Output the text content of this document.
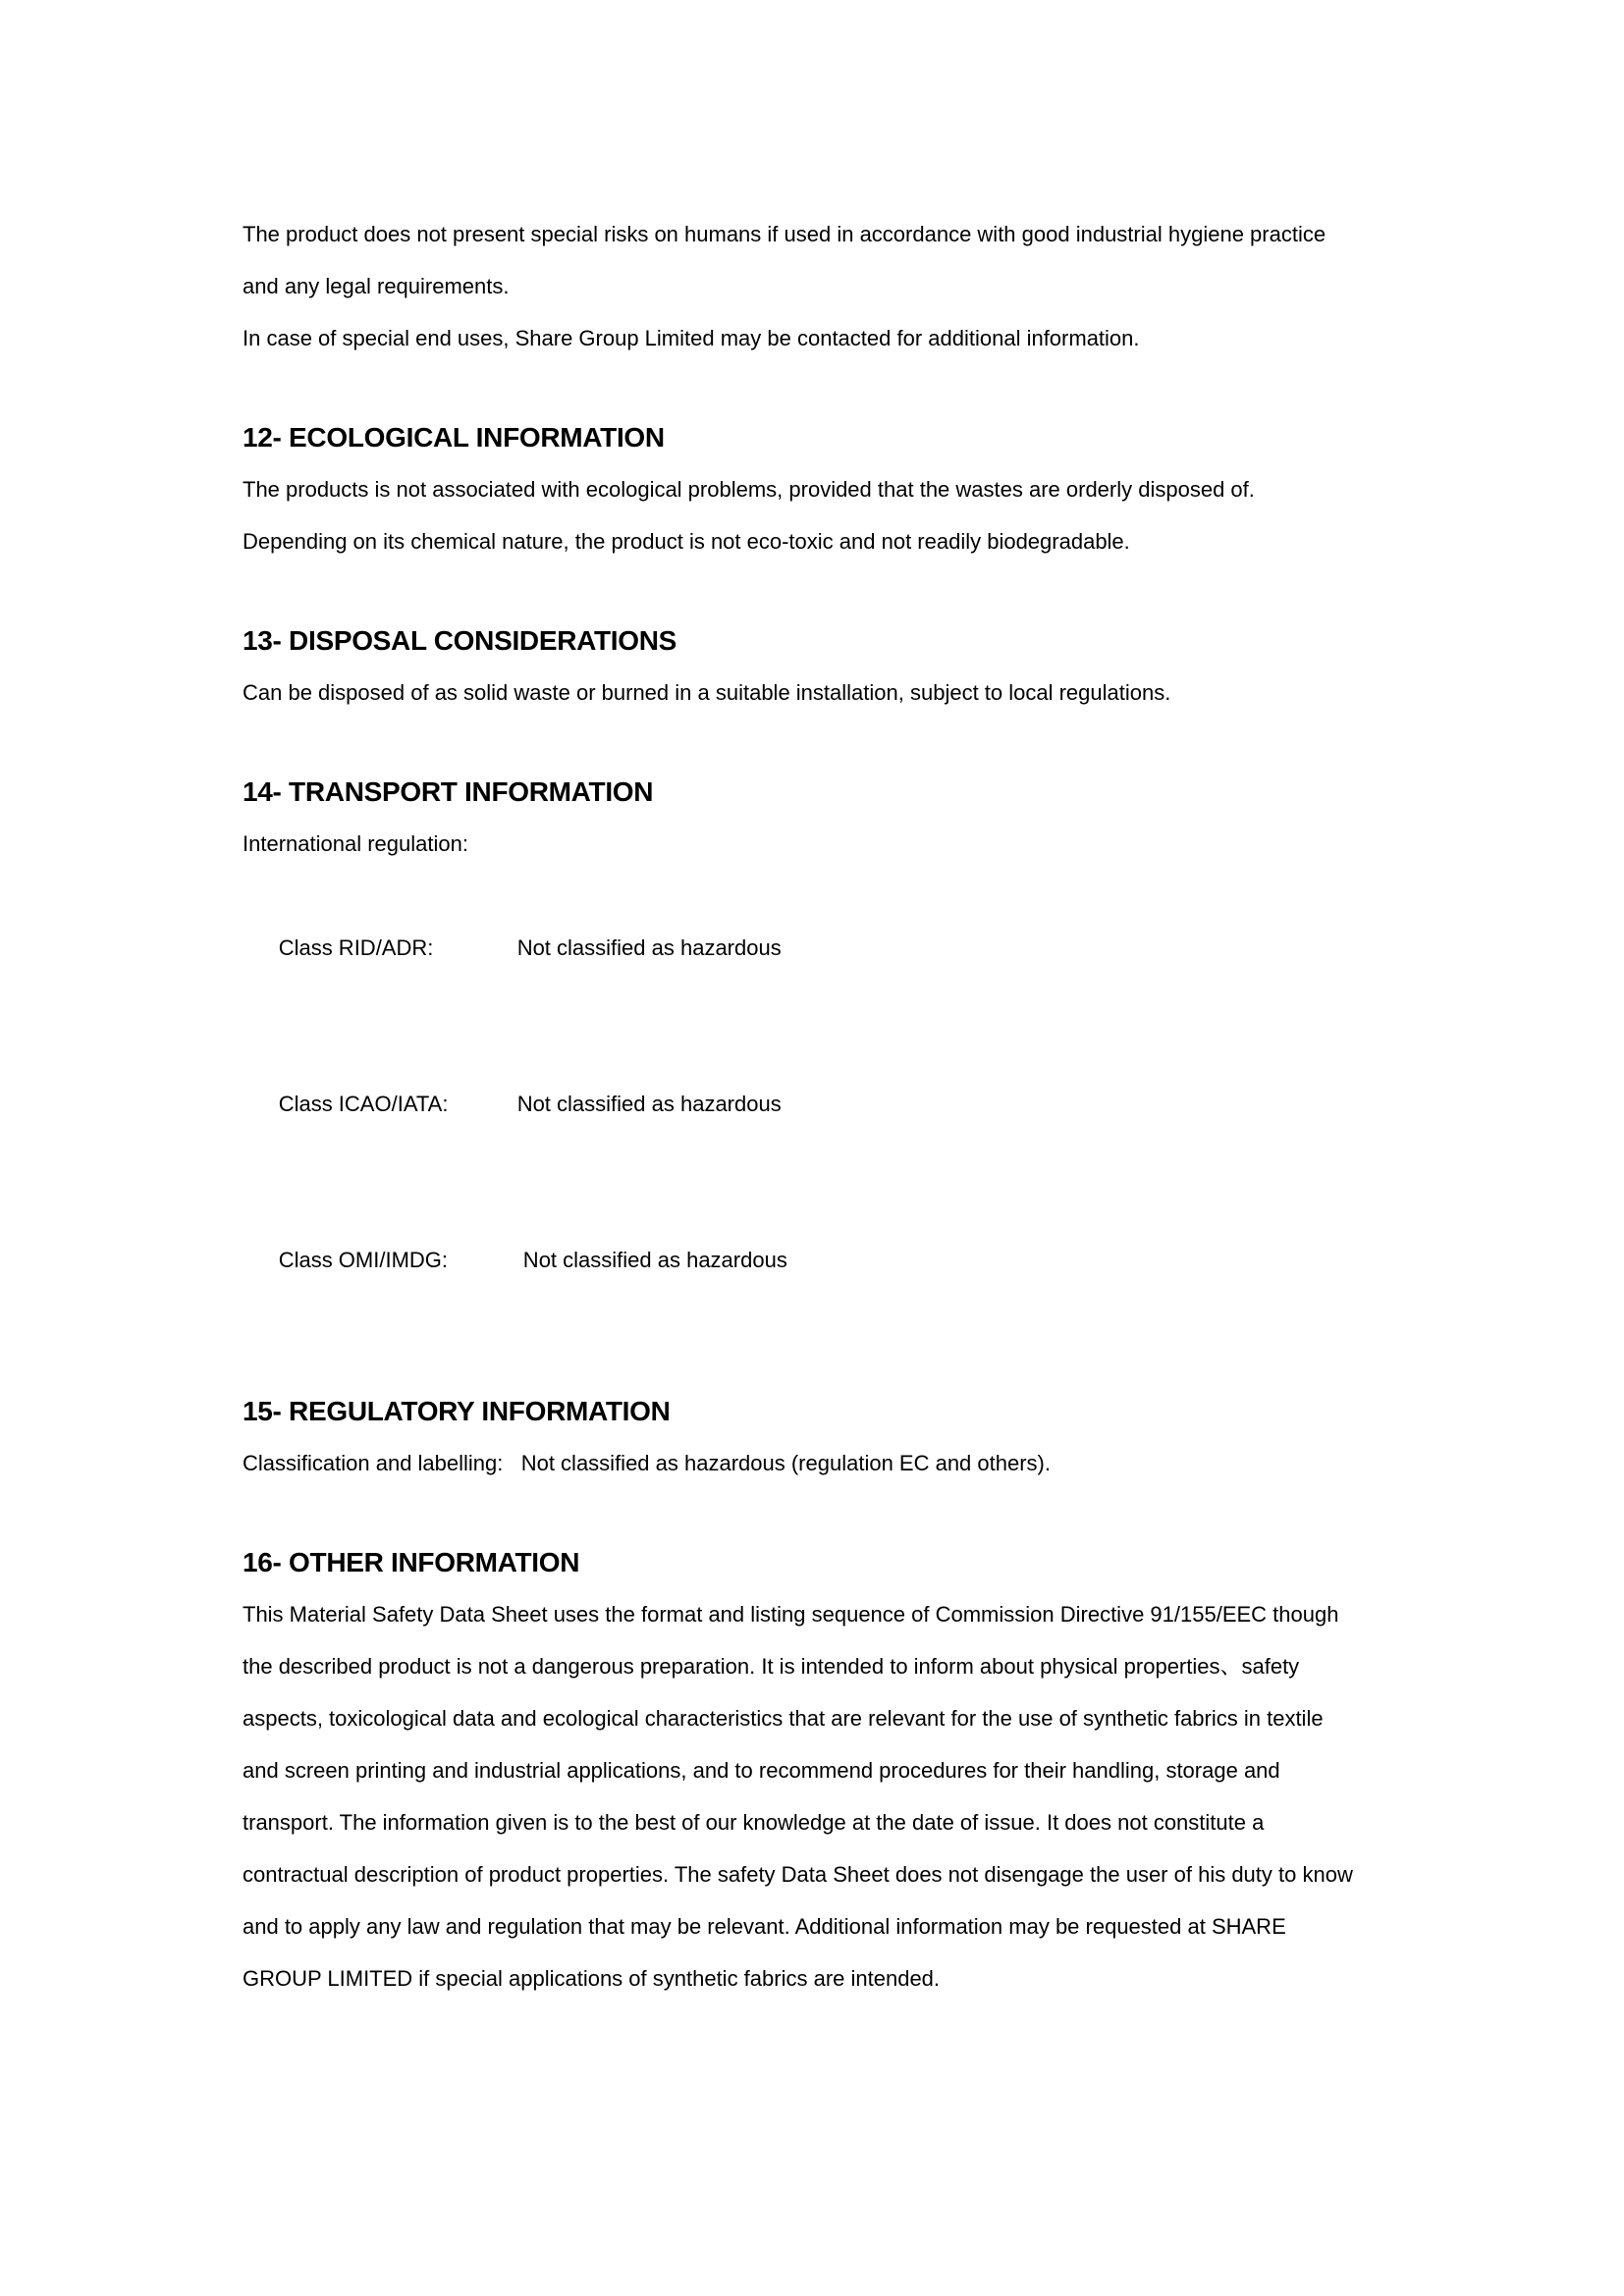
The product does not present special risks on humans if used in accordance with good industrial hygiene practice
and any legal requirements.
In case of special end uses, Share Group Limited may be contacted for additional information.
12- ECOLOGICAL INFORMATION
The products is not associated with ecological problems, provided that the wastes are orderly disposed of.
Depending on its chemical nature, the product is not eco-toxic and not readily biodegradable.
13- DISPOSAL CONSIDERATIONS
Can be disposed of as solid waste or burned in a suitable installation, subject to local regulations.
14- TRANSPORT INFORMATION
International regulation:

Class RID/ADR:	Not classified as hazardous

Class ICAO/IATA:	Not classified as hazardous

Class OMI/IMDG:	Not classified as hazardous

15- REGULATORY INFORMATION
Classification and labelling:   Not classified as hazardous (regulation EC and others).
16- OTHER INFORMATION
This Material Safety Data Sheet uses the format and listing sequence of Commission Directive 91/155/EEC though
the described product is not a dangerous preparation. It is intended to inform about physical properties、safety
aspects, toxicological data and ecological characteristics that are relevant for the use of synthetic fabrics in textile
and screen printing and industrial applications, and to recommend procedures for their handling, storage and
transport. The information given is to the best of our knowledge at the date of issue. It does not constitute a
contractual description of product properties. The safety Data Sheet does not disengage the user of his duty to know
and to apply any law and regulation that may be relevant. Additional information may be requested at SHARE
GROUP LIMITED if special applications of synthetic fabrics are intended.
